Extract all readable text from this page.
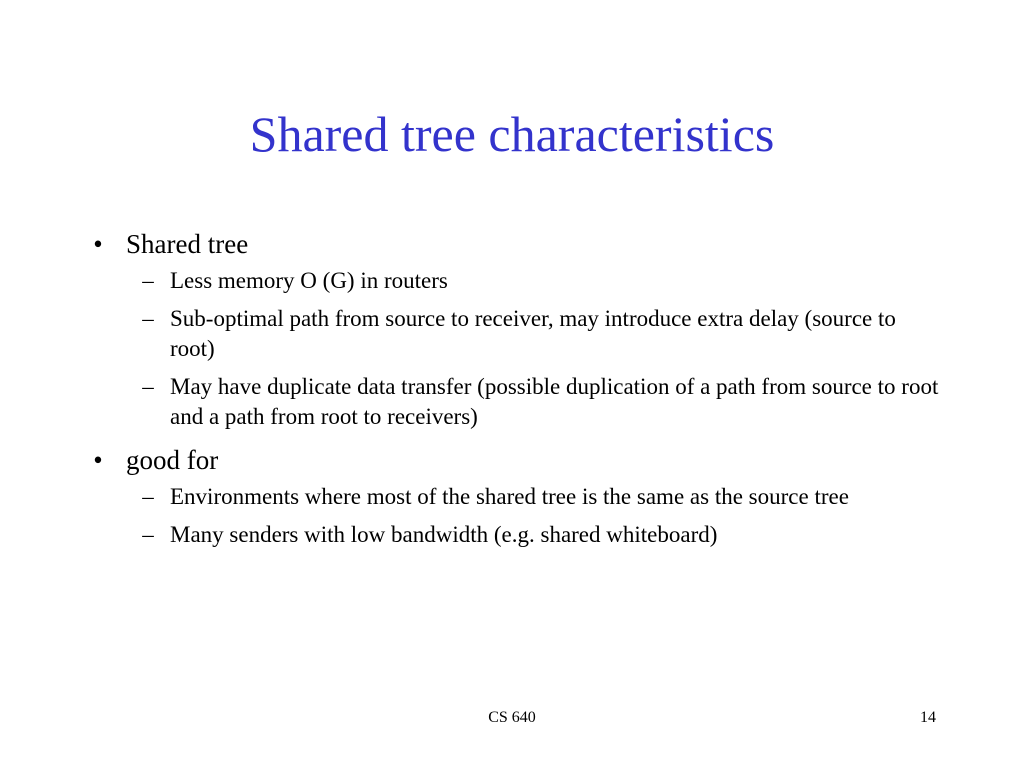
Shared tree characteristics
• Shared tree
– Less memory O (G) in routers
– Sub-optimal path from source to receiver, may introduce extra delay (source to root)
– May have duplicate data transfer (possible duplication of a path from source to root and a path from root to receivers)
• good for
– Environments where most of the shared tree is the same as the source tree
– Many senders with low bandwidth (e.g. shared whiteboard)
CS 640	14
